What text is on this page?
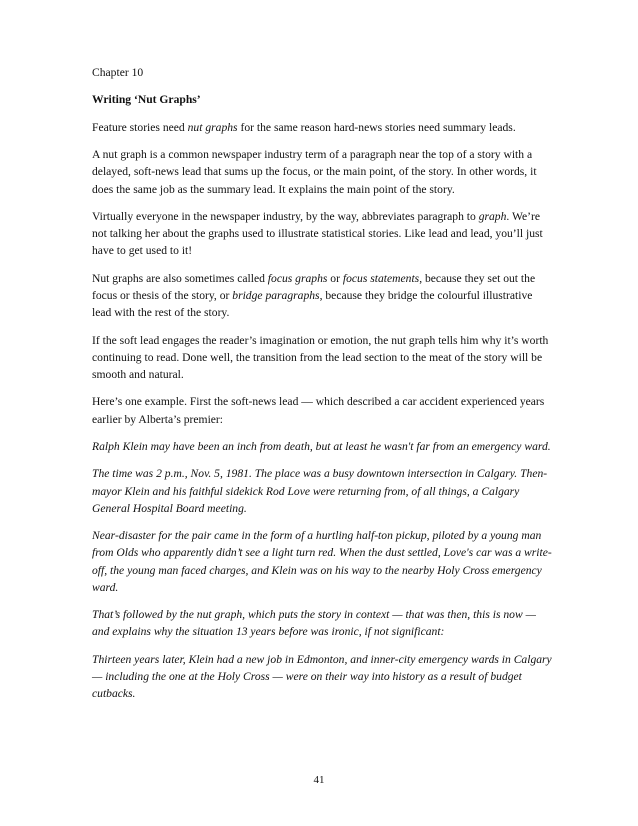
Chapter 10

Writing ‘Nut Graphs’

Feature stories need nut graphs for the same reason hard-news stories need summary leads.

A nut graph is a common newspaper industry term of a paragraph near the top of a story with a delayed, soft-news lead that sums up the focus, or the main point, of the story. In other words, it does the same job as the summary lead. It explains the main point of the story.

Virtually everyone in the newspaper industry, by the way, abbreviates paragraph to graph. We’re not talking her about the graphs used to illustrate statistical stories. Like lead and lead, you’ll just have to get used to it!

Nut graphs are also sometimes called focus graphs or focus statements, because they set out the focus or thesis of the story, or bridge paragraphs, because they bridge the colourful illustrative lead with the rest of the story.

If the soft lead engages the reader’s imagination or emotion, the nut graph tells him why it’s worth continuing to read. Done well, the transition from the lead section to the meat of the story will be smooth and natural.

Here’s one example. First the soft-news lead — which described a car accident experienced years earlier by Alberta’s premier:

Ralph Klein may have been an inch from death, but at least he wasn't far from an emergency ward.

The time was 2 p.m., Nov. 5, 1981. The place was a busy downtown intersection in Calgary. Then-mayor Klein and his faithful sidekick Rod Love were returning from, of all things, a Calgary General Hospital Board meeting.

Near-disaster for the pair came in the form of a hurtling half-ton pickup, piloted by a young man from Olds who apparently didn’t see a light turn red. When the dust settled, Love's car was a write-off, the young man faced charges, and Klein was on his way to the nearby Holy Cross emergency ward.

That’s followed by the nut graph, which puts the story in context — that was then, this is now — and explains why the situation 13 years before was ironic, if not significant:

Thirteen years later, Klein had a new job in Edmonton, and inner-city emergency wards in Calgary — including the one at the Holy Cross — were on their way into history as a result of budget cutbacks.

41
